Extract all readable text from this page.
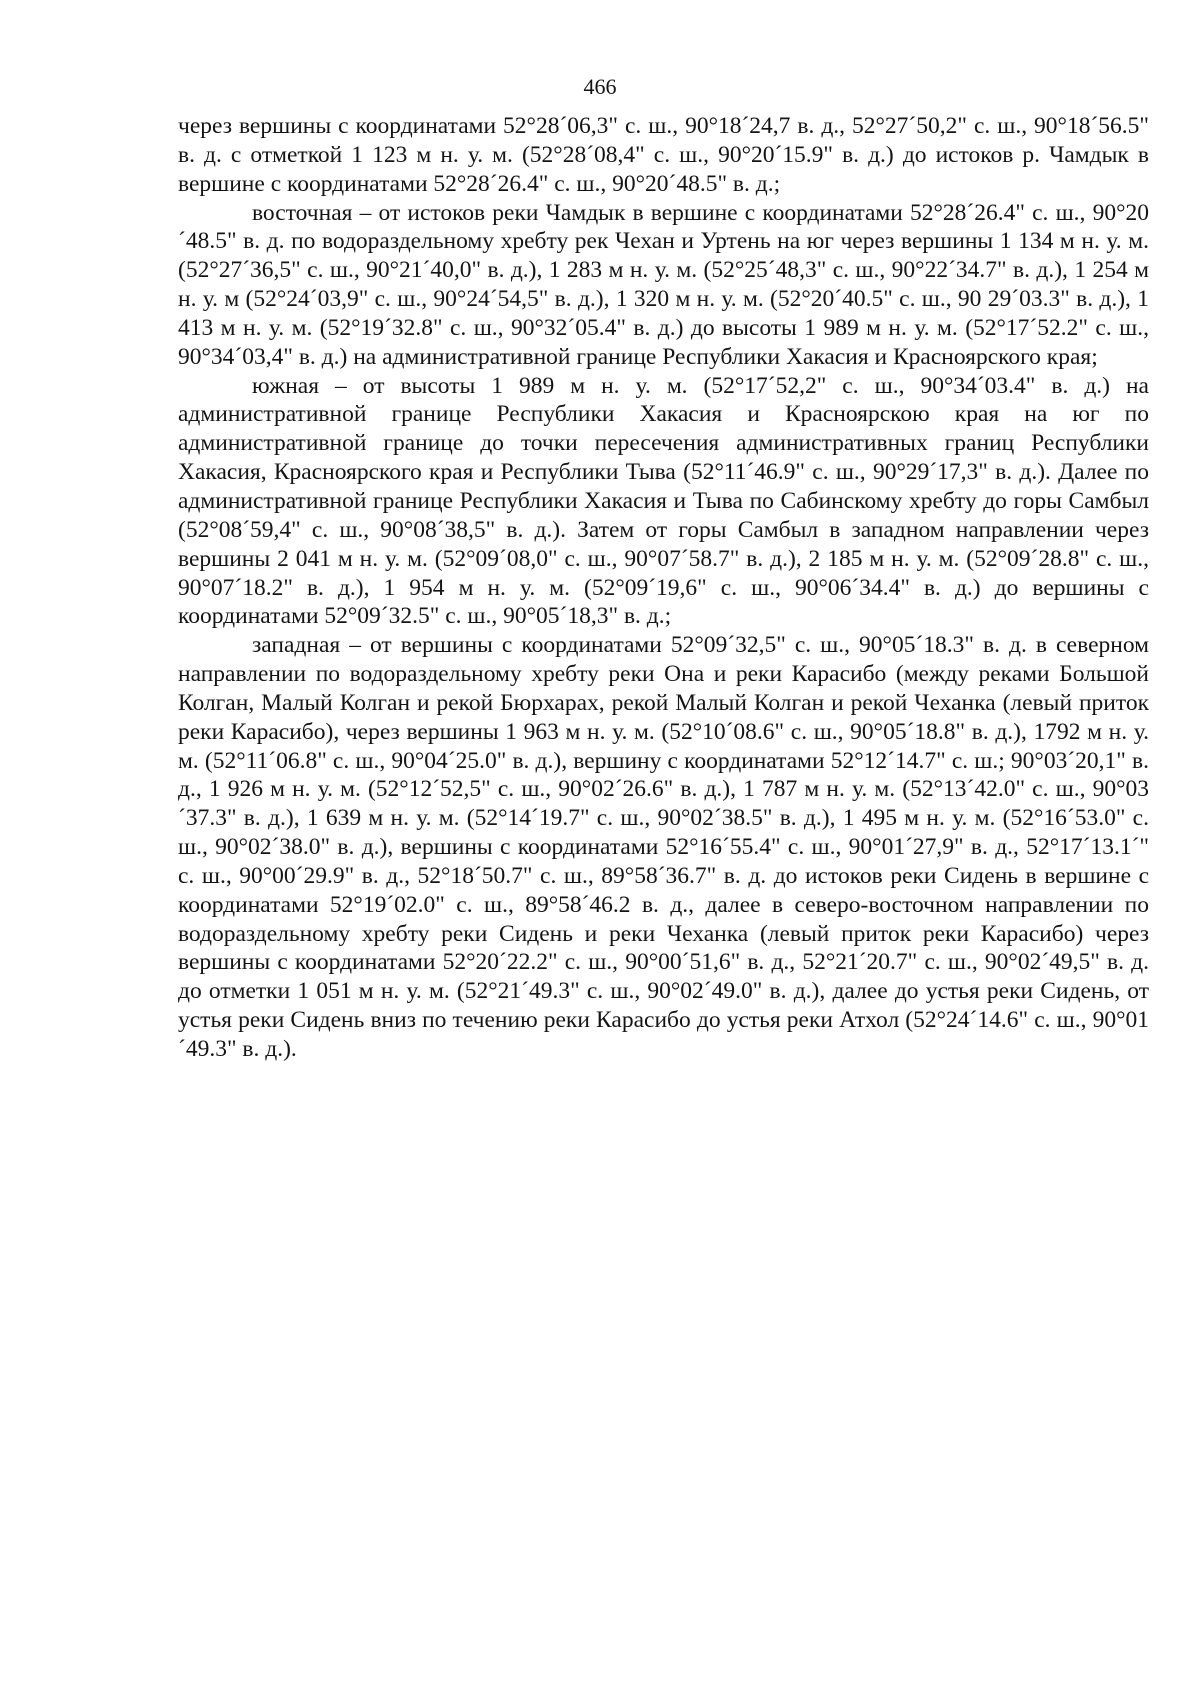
466

через вершины с координатами 52°28´06,3" с. ш., 90°18´24,7 в. д., 52°27´50,2" с. ш., 90°18´56.5" в. д. с отметкой 1 123 м н. у. м. (52°28´08,4" с. ш., 90°20´15.9" в. д.) до истоков р. Чамдык в вершине с координатами 52°28´26.4" с. ш., 90°20´48.5" в. д.;

восточная – от истоков реки Чамдык в вершине с координатами 52°28´26.4" с. ш., 90°20´48.5" в. д. по водораздельному хребту рек Чехан и Уртень на юг через вершины 1 134 м н. у. м. (52°27´36,5" с. ш., 90°21´40,0" в. д.), 1 283 м н. у. м. (52°25´48,3" с. ш., 90°22´34.7" в. д.), 1 254 м н. у. м (52°24´03,9" с. ш., 90°24´54,5" в. д.), 1 320 м н. у. м. (52°20´40.5" с. ш., 90 29´03.3" в. д.), 1 413 м н. у. м. (52°19´32.8" с. ш., 90°32´05.4" в. д.) до высоты 1 989 м н. у. м. (52°17´52.2" с. ш., 90°34´03,4" в. д.) на административной границе Республики Хакасия и Красноярского края;

южная – от высоты 1 989 м н. у. м. (52°17´52,2" с. ш., 90°34´03.4" в. д.) на административной границе Республики Хакасия и Красноярскою края на юг по административной границе до точки пересечения административных границ Республики Хакасия, Красноярского края и Республики Тыва (52°11´46.9" с. ш., 90°29´17,3" в. д.). Далее по административной границе Республики Хакасия и Тыва по Сабинскому хребту до горы Самбыл (52°08´59,4" с. ш., 90°08´38,5" в. д.). Затем от горы Самбыл в западном направлении через вершины 2 041 м н. у. м. (52°09´08,0" с. ш., 90°07´58.7" в. д.), 2 185 м н. у. м. (52°09´28.8" с. ш., 90°07´18.2" в. д.), 1 954 м н. у. м. (52°09´19,6" с. ш., 90°06´34.4" в. д.) до вершины с координатами 52°09´32.5" с. ш., 90°05´18,3" в. д.;

западная – от вершины с координатами 52°09´32,5" с. ш., 90°05´18.3" в. д. в северном направлении по водораздельному хребту реки Она и реки Карасибо (между реками Большой Колган, Малый Колган и рекой Бюрхарах, рекой Малый Колган и рекой Чеханка (левый приток реки Карасибо), через вершины 1 963 м н. у. м. (52°10´08.6" с. ш., 90°05´18.8" в. д.), 1792 м н. у. м. (52°11´06.8" с. ш., 90°04´25.0" в. д.), вершину с координатами 52°12´14.7" с. ш.; 90°03´20,1" в. д., 1 926 м н. у. м. (52°12´52,5" с. ш., 90°02´26.6" в. д.), 1 787 м н. у. м. (52°13´42.0" с. ш., 90°03´37.3" в. д.), 1 639 м н. у. м. (52°14´19.7" с. ш., 90°02´38.5" в. д.), 1 495 м н. у. м. (52°16´53.0" с. ш., 90°02´38.0" в. д.), вершины с координатами 52°16´55.4" с. ш., 90°01´27,9" в. д., 52°17´13.1´" с. ш., 90°00´29.9" в. д., 52°18´50.7" с. ш., 89°58´36.7" в. д. до истоков реки Сидень в вершине с координатами 52°19´02.0" с. ш., 89°58´46.2 в. д., далее в северо-восточном направлении по водораздельному хребту реки Сидень и реки Чеханка (левый приток реки Карасибо) через вершины с координатами 52°20´22.2" с. ш., 90°00´51,6" в. д., 52°21´20.7" с. ш., 90°02´49,5" в. д. до отметки 1 051 м н. у. м. (52°21´49.3" с. ш., 90°02´49.0" в. д.), далее до устья реки Сидень, от устья реки Сидень вниз по течению реки Карасибо до устья реки Атхол (52°24´14.6" с. ш., 90°01´49.3" в. д.).
